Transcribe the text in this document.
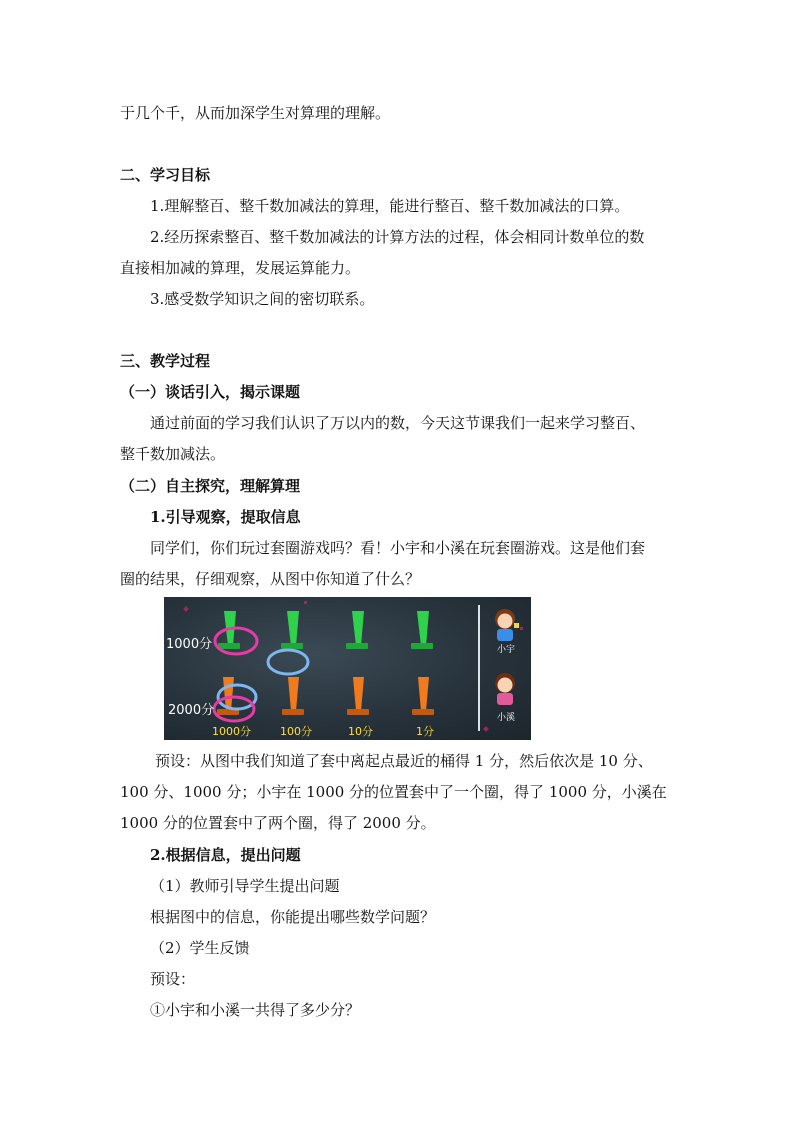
于几个千，从而加深学生对算理的理解。
二、学习目标
1.理解整百、整千数加减法的算理，能进行整百、整千数加减法的口算。
2.经历探索整百、整千数加减法的计算方法的过程，体会相同计数单位的数
直接相加减的算理，发展运算能力。
3.感受数学知识之间的密切联系。
三、教学过程
（一）谈话引入，揭示课题
通过前面的学习我们认识了万以内的数，今天这节课我们一起来学习整百、
整千数加减法。
（二）自主探究，理解算理
1.引导观察，提取信息
同学们，你们玩过套圈游戏吗？看！小宇和小溪在玩套圈游戏。这是他们套
圈的结果，仔细观察，从图中你知道了什么？
1000分
2000分
1000分	100分	10分	1分
小宇
小溪
预设：从图中我们知道了套中离起点最近的桶得 1 分，然后依次是 10 分、
100 分、1000 分；小宇在 1000 分的位置套中了一个圈，得了 1000 分，小溪在
1000 分的位置套中了两个圈，得了 2000 分。
2.根据信息，提出问题
（1）教师引导学生提出问题
根据图中的信息，你能提出哪些数学问题？
（2）学生反馈
预设：
①小宇和小溪一共得了多少分？
